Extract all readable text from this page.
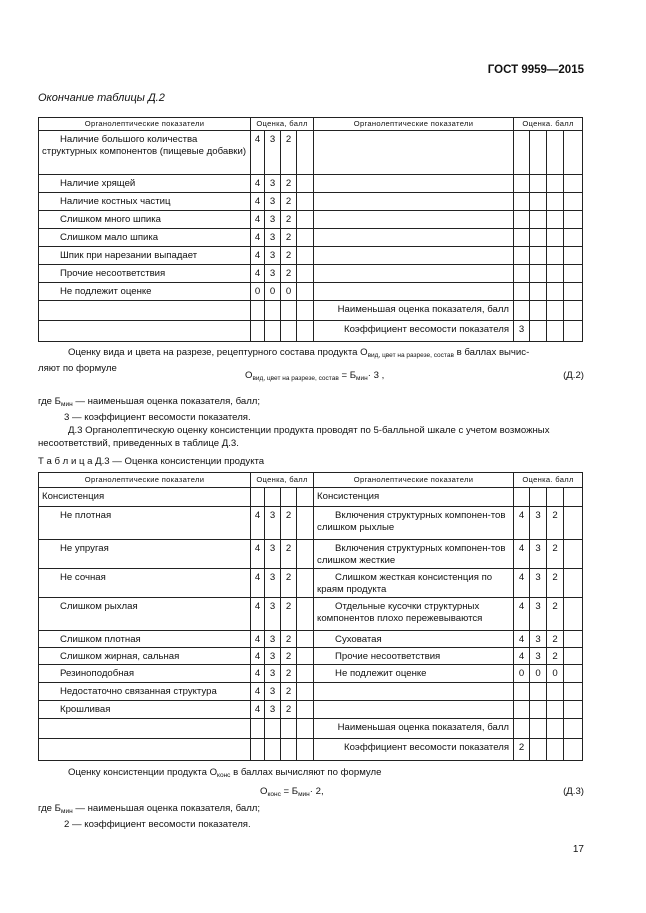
ГОСТ 9959—2015
Окончание таблицы Д.2
Органолептические показатели	Оценка, балл				Органолептические показатели	Оценка. балл			
Наличие большого количества структурных компонентов (пищевые добавки)	4	3	2						
Наличие хрящей	4	3	2						
Наличие костных частиц	4	3	2						
Слишком много шпика	4	3	2						
Слишком мало шпика	4	3	2						
Шпик при нарезании выпадает	4	3	2						
Прочие несоответствия	4	3	2						
Не подлежит оценке	0	0	0						
					Наименьшая оценка показателя, балл				
					Коэффициент весомости показателя	3			

Оценку вида и цвета на разрезе, рецептурного состава продукта $О_{вид, цвет на разрезе, состав}$ в баллах вычис-

ляют по формуле

$О_{вид, цвет на разрезе, состав} = Б_{мин}\cdot 3$ ,	(Д.2)

где $Б_{мин}$ — наименьшая оценка показателя, балл;

3 — коэффициент весомости показателя.

Д.3 Органолептическую оценку консистенции продукта проводят по 5-балльной шкале с учетом возможных

несоответствий, приведенных в таблице Д.3.

Т а б л и ц а Д.3 — Оценка консистенции продукта
Органолептические показатели	Оценка, балл				Органолептические показатели	Оценка. балл			
Консистенция					Консистенция				
Не плотная	4	3	2		Включения структурных компонен-тов слишком рыхлые	4	3	2	
Не упругая	4	3	2		Включения структурных компонен-тов слишком жесткие	4	3	2	
Не сочная	4	3	2		Слишком жесткая консистенция по краям продукта	4	3	2	
Слишком рыхлая	4	3	2		Отдельные кусочки структурных компонентов плохо пережевываются	4	3	2	
Слишком плотная	4	3	2		Суховатая	4	3	2	
Слишком жирная, сальная	4	3	2		Прочие несоответствия	4	3	2	
Резиноподобная	4	3	2		Не подлежит оценке	0	0	0	
Недостаточно связанная структура	4	3	2						
Крошливая	4	3	2						
					Наименьшая оценка показателя, балл				
					Коэффициент весомости показателя	2			
Оценку консистенции продукта $О_{конс}$ в баллах вычисляют по формуле
$О_{конс} = Б_{мин}\cdot 2$,	(Д.3)

где $Б_{мин}$ — наименьшая оценка показателя, балл;

2 — коэффициент весомости показателя.

17
